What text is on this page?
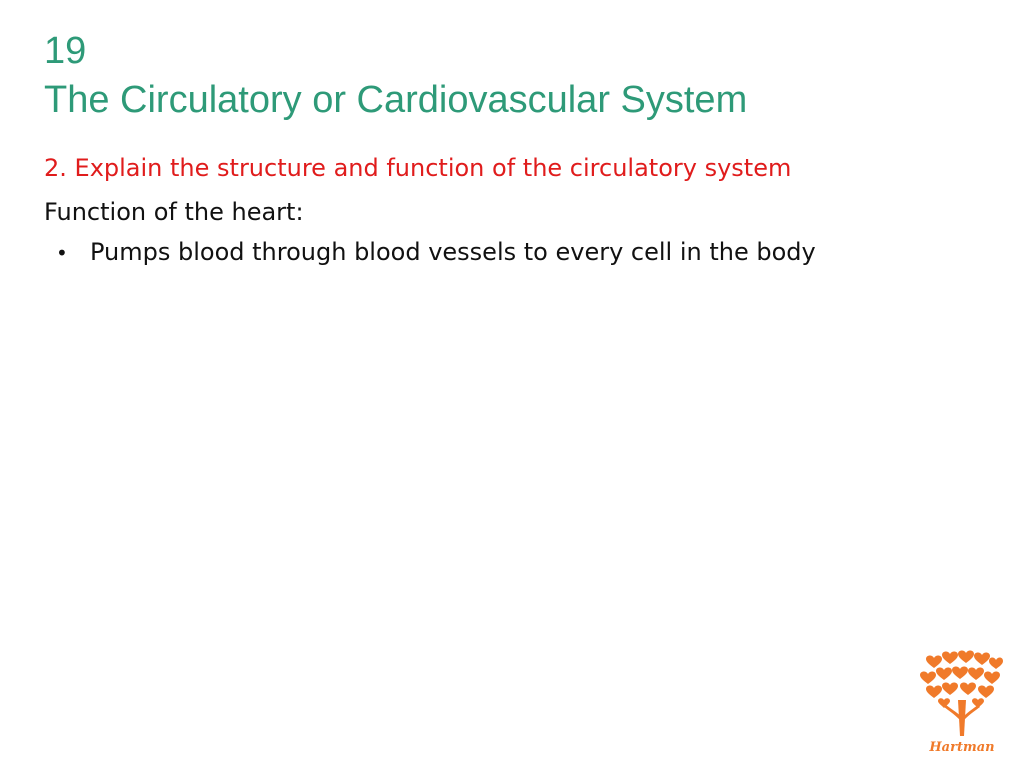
19
The Circulatory or Cardiovascular System
2. Explain the structure and function of the circulatory system
Function of the heart:
• Pumps blood through blood vessels to every cell in the body
Hartman
